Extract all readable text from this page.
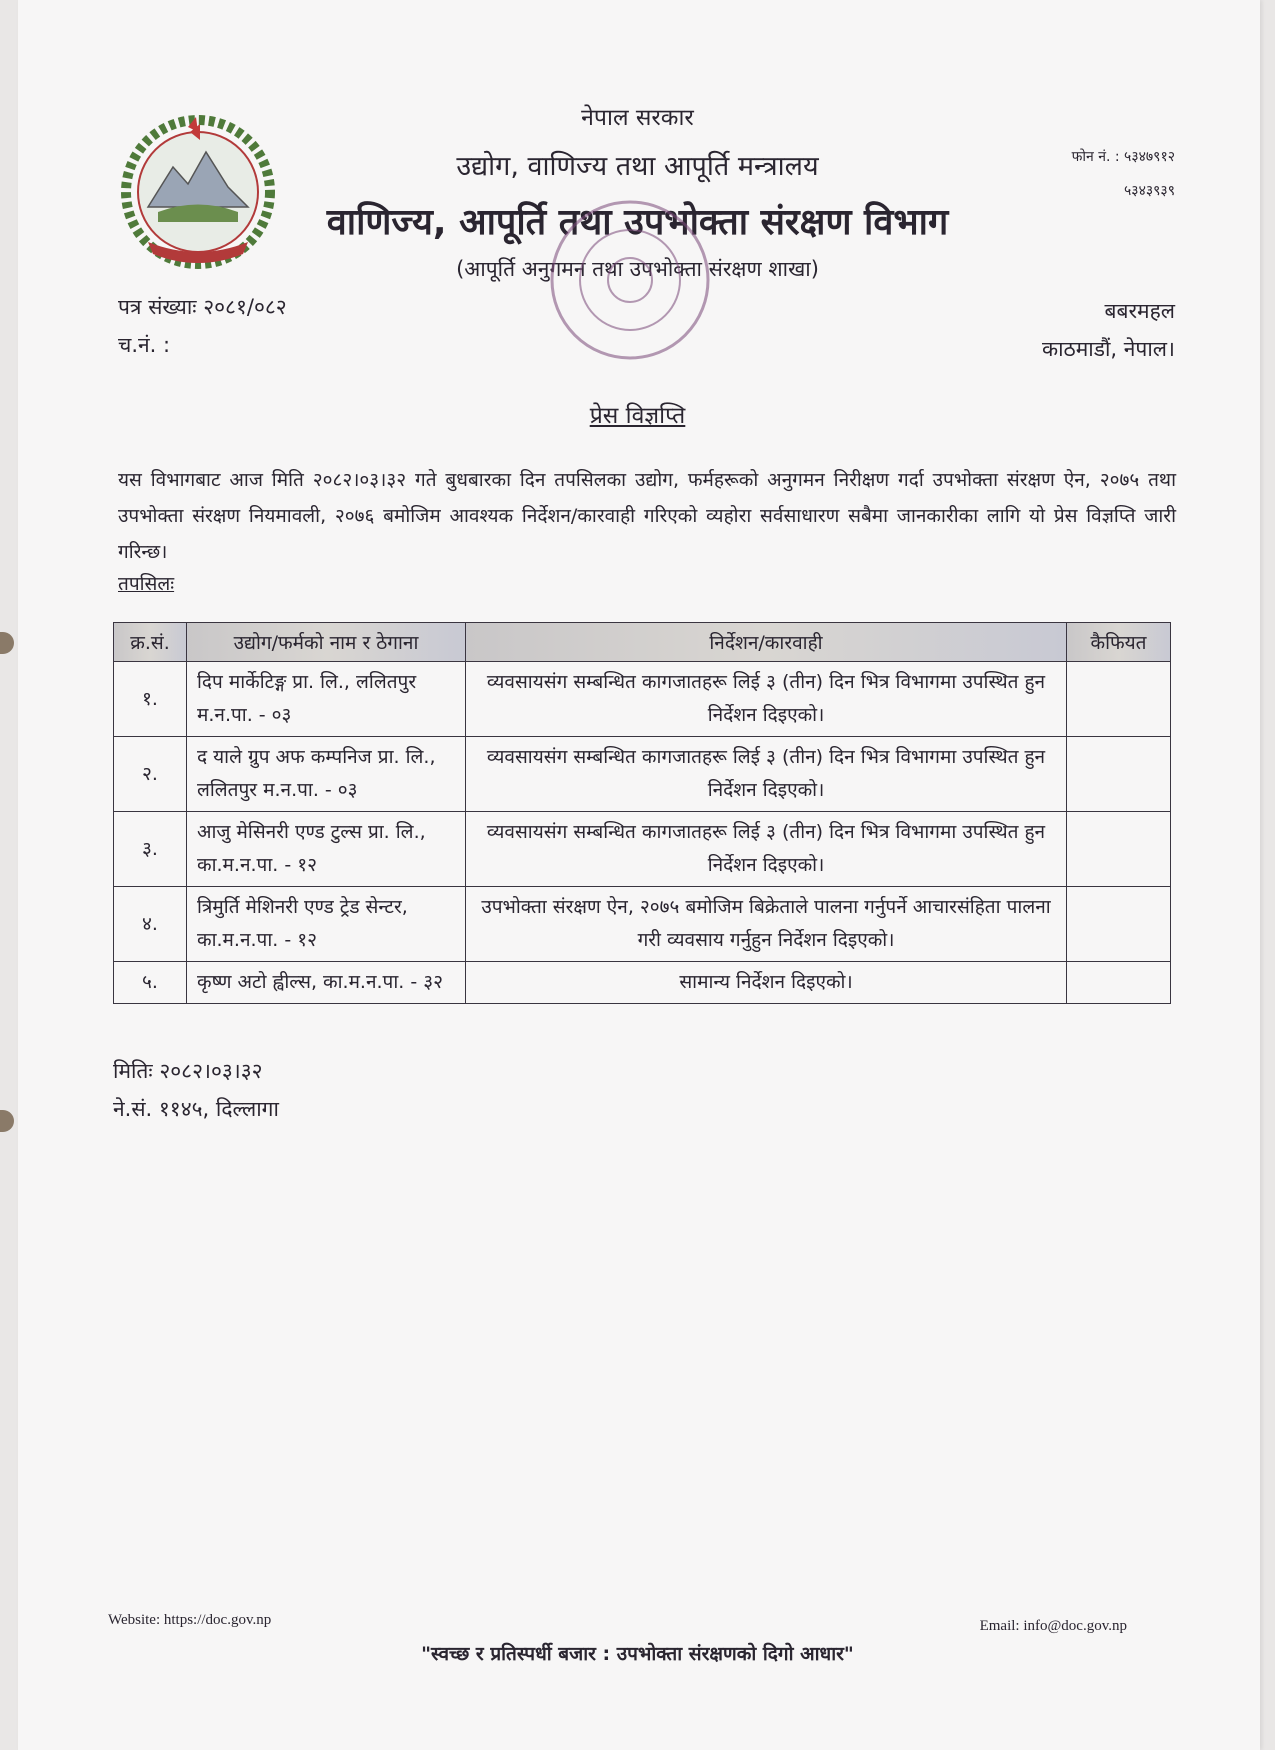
नेपाल सरकार
उद्योग, वाणिज्य तथा आपूर्ति मन्त्रालय
वाणिज्य, आपूर्ति तथा उपभोक्ता संरक्षण विभाग
(आपूर्ति अनुगमन तथा उपभोक्ता संरक्षण शाखा)
फोन नं. : ५३४७९१२
५३४३९३९
पत्र संख्याः २०८१/०८२
च.नं. :
बबरमहल
काठमाडौं, नेपाल।
प्रेस विज्ञप्ति
यस विभागबाट आज मिति २०८२।०३।३२ गते बुधबारका दिन तपसिलका उद्योग, फर्महरूको अनुगमन निरीक्षण गर्दा उपभोक्ता संरक्षण ऐन, २०७५ तथा उपभोक्ता संरक्षण नियमावली, २०७६ बमोजिम आवश्यक निर्देशन/कारवाही गरिएको व्यहोरा सर्वसाधारण सबैमा जानकारीका लागि यो प्रेस विज्ञप्ति जारी गरिन्छ।
तपसिलः
क्र.सं.	उद्योग/फर्मको नाम र ठेगाना	निर्देशन/कारवाही	कैफियत
१.	दिप मार्केटिङ्ग प्रा. लि., ललितपुर म.न.पा. - ०३	व्यवसायसंग सम्बन्धित कागजातहरू लिई ३ (तीन) दिन भित्र विभागमा उपस्थित हुन निर्देशन दिइएको।	
२.	द याले ग्रुप अफ कम्पनिज प्रा. लि., ललितपुर म.न.पा. - ०३	व्यवसायसंग सम्बन्धित कागजातहरू लिई ३ (तीन) दिन भित्र विभागमा उपस्थित हुन निर्देशन दिइएको।	
३.	आजु मेसिनरी एण्ड टुल्स प्रा. लि., का.म.न.पा. - १२	व्यवसायसंग सम्बन्धित कागजातहरू लिई ३ (तीन) दिन भित्र विभागमा उपस्थित हुन निर्देशन दिइएको।	
४.	त्रिमुर्ति मेशिनरी एण्ड ट्रेड सेन्टर, का.म.न.पा. - १२	उपभोक्ता संरक्षण ऐन, २०७५ बमोजिम बिक्रेताले पालना गर्नुपर्ने आचारसंहिता पालना गरी व्यवसाय गर्नुहुन निर्देशन दिइएको।	
५.	कृष्ण अटो ह्वील्स, का.म.न.पा. - ३२	सामान्य निर्देशन दिइएको।	
मितिः २०८२।०३।३२
ने.सं. ११४५, दिल्लागा
Website: https://doc.gov.np	Email: info@doc.gov.np
"स्वच्छ र प्रतिस्पर्धी बजार : उपभोक्ता संरक्षणको दिगो आधार"
